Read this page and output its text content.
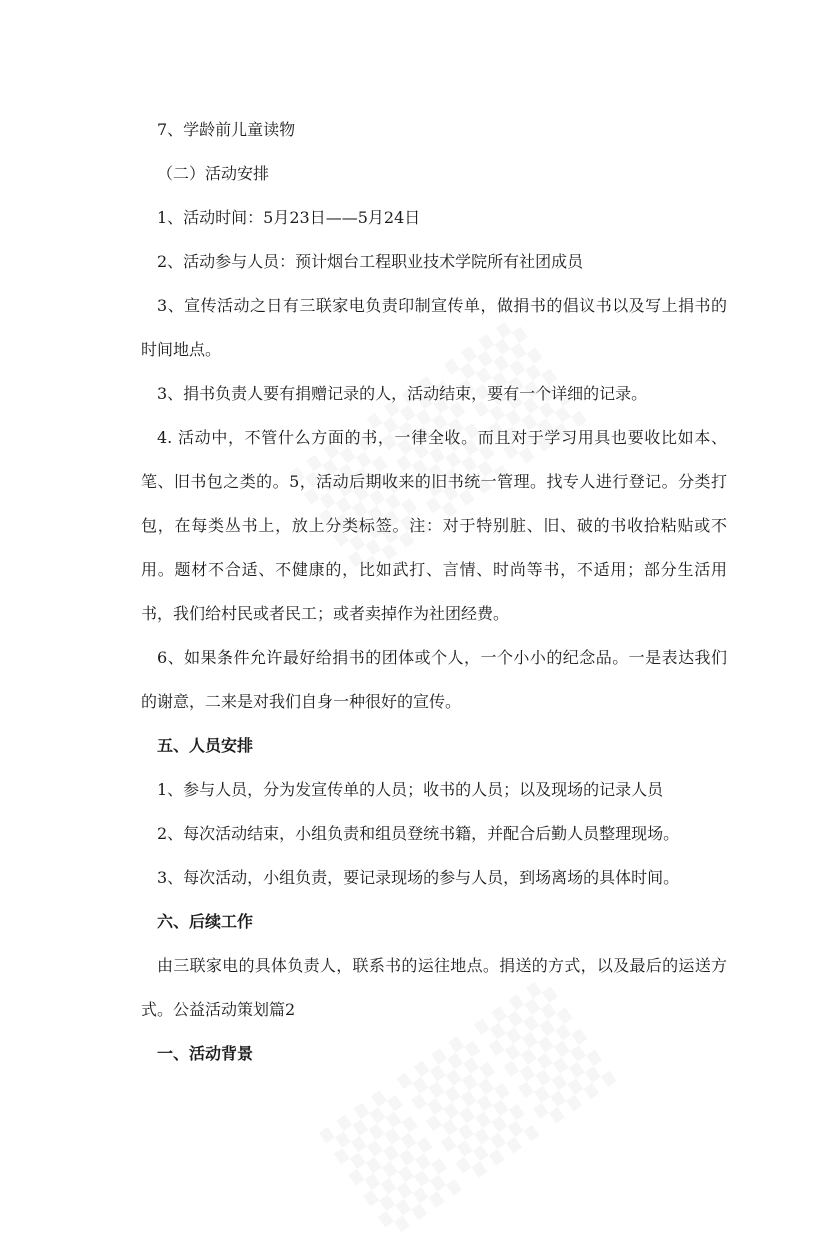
7、学龄前儿童读物

（二）活动安排

1、活动时间：5月23日——5月24日

2、活动参与人员：预计烟台工程职业技术学院所有社团成员

3、宣传活动之日有三联家电负责印制宣传单，做捐书的倡议书以及写上捐书的时间地点。

3、捐书负责人要有捐赠记录的人，活动结束，要有一个详细的记录。

4. 活动中，不管什么方面的书，一律全收。而且对于学习用具也要收比如本、笔、旧书包之类的。5，活动后期收来的旧书统一管理。找专人进行登记。分类打包，在每类丛书上，放上分类标签。注：对于特别脏、旧、破的书收拾粘贴或不用。题材不合适、不健康的，比如武打、言情、时尚等书，不适用；部分生活用书，我们给村民或者民工；或者卖掉作为社团经费。

6、如果条件允许最好给捐书的团体或个人，一个小小的纪念品。一是表达我们的谢意，二来是对我们自身一种很好的宣传。

五、人员安排

1、参与人员，分为发宣传单的人员；收书的人员；以及现场的记录人员

2、每次活动结束，小组负责和组员登统书籍，并配合后勤人员整理现场。

3、每次活动，小组负责，要记录现场的参与人员，到场离场的具体时间。

六、后续工作

由三联家电的具体负责人，联系书的运往地点。捐送的方式，以及最后的运送方式。公益活动策划篇2

一、活动背景
